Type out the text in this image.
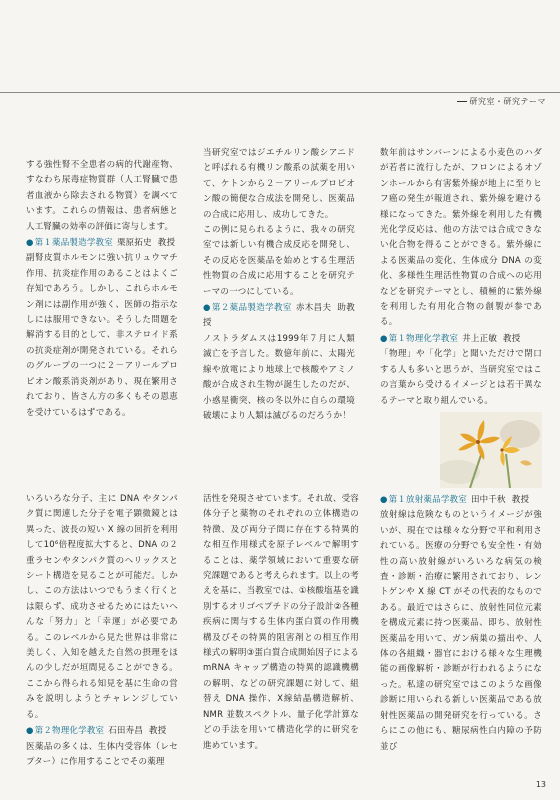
研究室・研究テーマ

する強性腎不全患者の病的代謝産物、すなわち尿毒症物質群（人工腎臓で患者血液から除去される物質）を調べています。これらの情報は、患者病態と人工腎臓の効率の評価に寄与します。

●第１薬品製造学教室 栗原拓史 教授

副腎皮質ホルモンに強い抗リュウマチ作用、抗炎症作用のあることはよくご存知であろう。しかし、これらホルモン剤には副作用が強く、医師の指示なしには服用できない。そうした問題を解消する目的として、非ステロイド系の抗炎症剤が開発されている。それらのグループの一つに２－アリールプロピオン酸系消炎剤があり、現在繁用されており、皆さん方の多くもその恩恵を受けているはずである。

当研究室ではジエチルリン酸シアニドと呼ばれる有機リン酸系の試薬を用いて、ケトンから２－アリールプロピオン酸の簡便な合成法を開発し、医薬品の合成に応用し、成功してきた。

この例に見られるように、我々の研究室では新しい有機合成反応を開発し、その反応を医薬品を始めとする生理活性物質の合成に応用することを研究テーマの一つにしている。

●第２薬品製造学教室 赤木昌夫 助教授

ノストラダムスは1999年７月に人類滅亡を予言した。数億年前に、太陽光線や放電により地球上で核酸やアミノ酸が合成され生物が誕生したのだが、小惑星衝突、核の冬以外に自らの環境破壊により人類は滅びるのだろうか！

数年前はサンバーンによる小麦色のハダが若者に流行したが、フロンによるオゾンホールから有害紫外線が地上に至りヒフ癌の発生が報道され、紫外線を避ける様になってきた。紫外線を利用した有機光化学反応は、他の方法では合成できない化合物を得ることができる。紫外線による医薬品の変化、生体成分 DNA の変化、多様性生理活性物質の合成への応用などを研究テーマとし、積極的に紫外線を利用した有用化合物の創製が参である。

●第１物理化学教室 井上正敏 教授

「物理」や「化学」と聞いただけで閉口する人も多いと思うが、当研究室ではこの言葉から受けるイメージとは若干異なるテーマと取り組んでいる。

いろいろな分子、主に DNA やタンパク質に関連した分子を電子顕微鏡とは異った、波長の短い X 線の回折を利用して10⁶倍程度拡大すると、DNA の２重ラセンやタンパク質のヘリックスとシート構造を見ることが可能だ。しかし、この方法はいつでもうまく行くとは限らず、成功させるためにはたいへんな「努力」と「幸運」が必要である。このレベルから見た世界は非常に美しく、入知を越えた自然の摂理をほんの少しだが垣間見ることができる。ここから得られる知見を基に生命の営みを説明しようとチャレンジしている。

●第２物理化学教室 石田寿昌 教授

医薬品の多くは、生体内受容体（レセプター）に作用することでその薬理

活性を発現させています。それ故、受容体分子と薬物のそれぞれの立体構造の特徴、及び両分子間に存在する特異的な相互作用様式を原子レベルで解明することは、薬学領域において重要な研究課題であると考えられます。以上の考えを基に、当教室では、①核酸塩基を識別するオリゴペプチドの分子設計②各種疾病に関与する生体内蛋白質の作用機構及びその特異的阻害剤との相互作用様式の解明③蛋白質合成開始因子による mRNA キャップ構造の特異的認識機構の解明、などの研究課題に対して、組替え DNA 操作、X線結晶構造解析、NMR 並数スペクトル、量子化学計算などの手法を用いて構造化学的に研究を進めています。

●第１放射薬品学教室 田中千秋 教授

放射線は危険なものというイメージが強いが、現在では様々な分野で平和利用されている。医療の分野でも安全性・有効性の高い放射線がいろいろな病気の検査・診断・治療に繁用されており、レントゲンや X 線 CT がその代表的なものである。最近ではさらに、放射性同位元素を構成元素に持つ医薬品、即ち、放射性医薬品を用いて、ガン病巣の描出や、人体の各組織・器官における様々な生理機能の画像解析・診断が行われるようになった。私達の研究室ではこのような画像診断に用いられる新しい医薬品である放射性医薬品の開発研究を行っている。さらにこの他にも、糖尿病性白内障の予防並び

13
